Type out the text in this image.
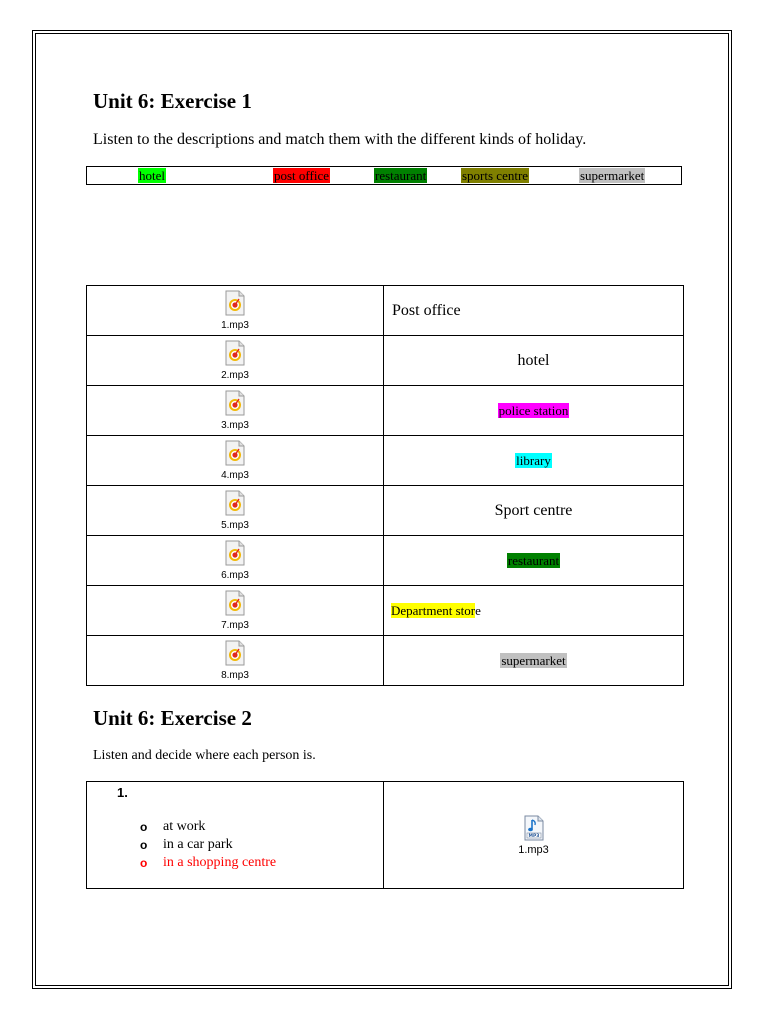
Unit 6: Exercise 1

Listen to the descriptions and match them with the different kinds of holiday.

hotel	post office	restaurant	sports centre	supermarket
1.mp3	Post office

2.mp3	hotel

3.mp3	police station

4.mp3	library

5.mp3	Sport centre

6.mp3	restaurant

7.mp3	Department store

8.mp3	supermarket
Unit 6: Exercise 2

Listen and decide where each person is.

1.
o at work
o in a car park
o in a shopping centre

MP3
1.mp3
